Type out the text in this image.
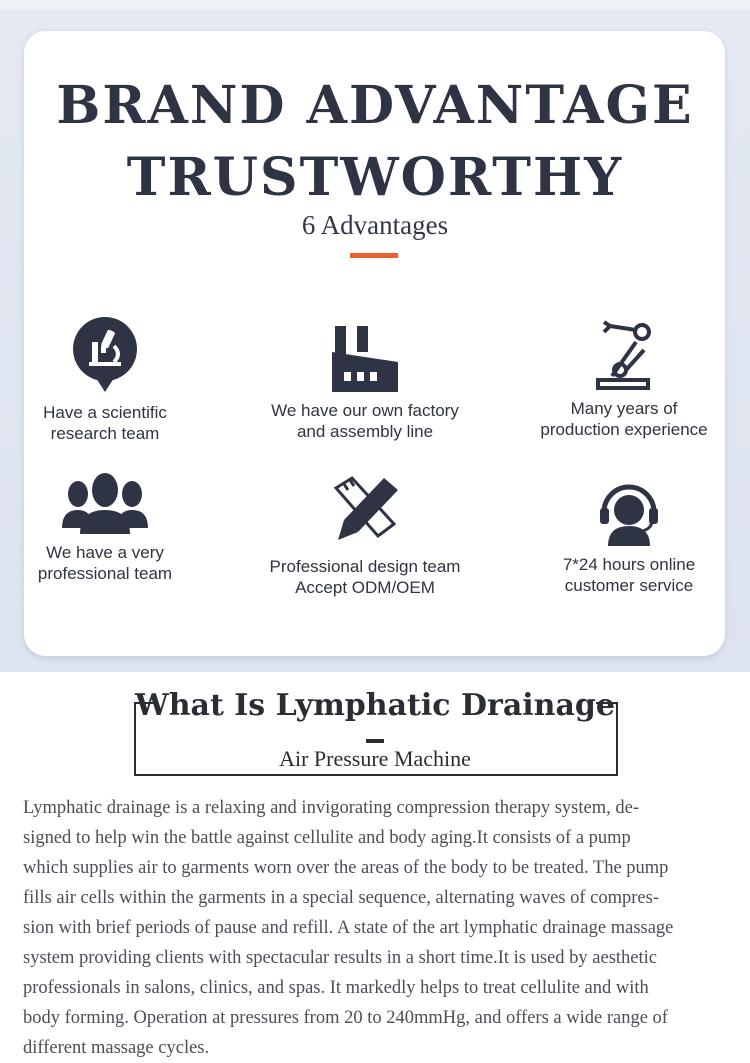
BRAND ADVANTAGE
TRUSTWORTHY
6 Advantages
Have a scientific
research team
We have our own factory
and assembly line
Many years of
production experience
We have a very
professional team	Professional design team
Accept ODM/OEM
7*24 hours online
customer service
What Is Lymphatic Drainage
Air Pressure Machine

Lymphatic drainage is a relaxing and invigorating compression therapy system, de-
signed to help win the battle against cellulite and body aging.It consists of a pump
which supplies air to garments worn over the areas of the body to be treated. The pump
fills air cells within the garments in a special sequence, alternating waves of compres-
sion with brief periods of pause and refill. A state of the art lymphatic drainage massage
system providing clients with spectacular results in a short time.It is used by aesthetic
professionals in salons, clinics, and spas. It markedly helps to treat cellulite and with
body forming. Operation at pressures from 20 to 240mmHg, and offers a wide range of
different massage cycles.
